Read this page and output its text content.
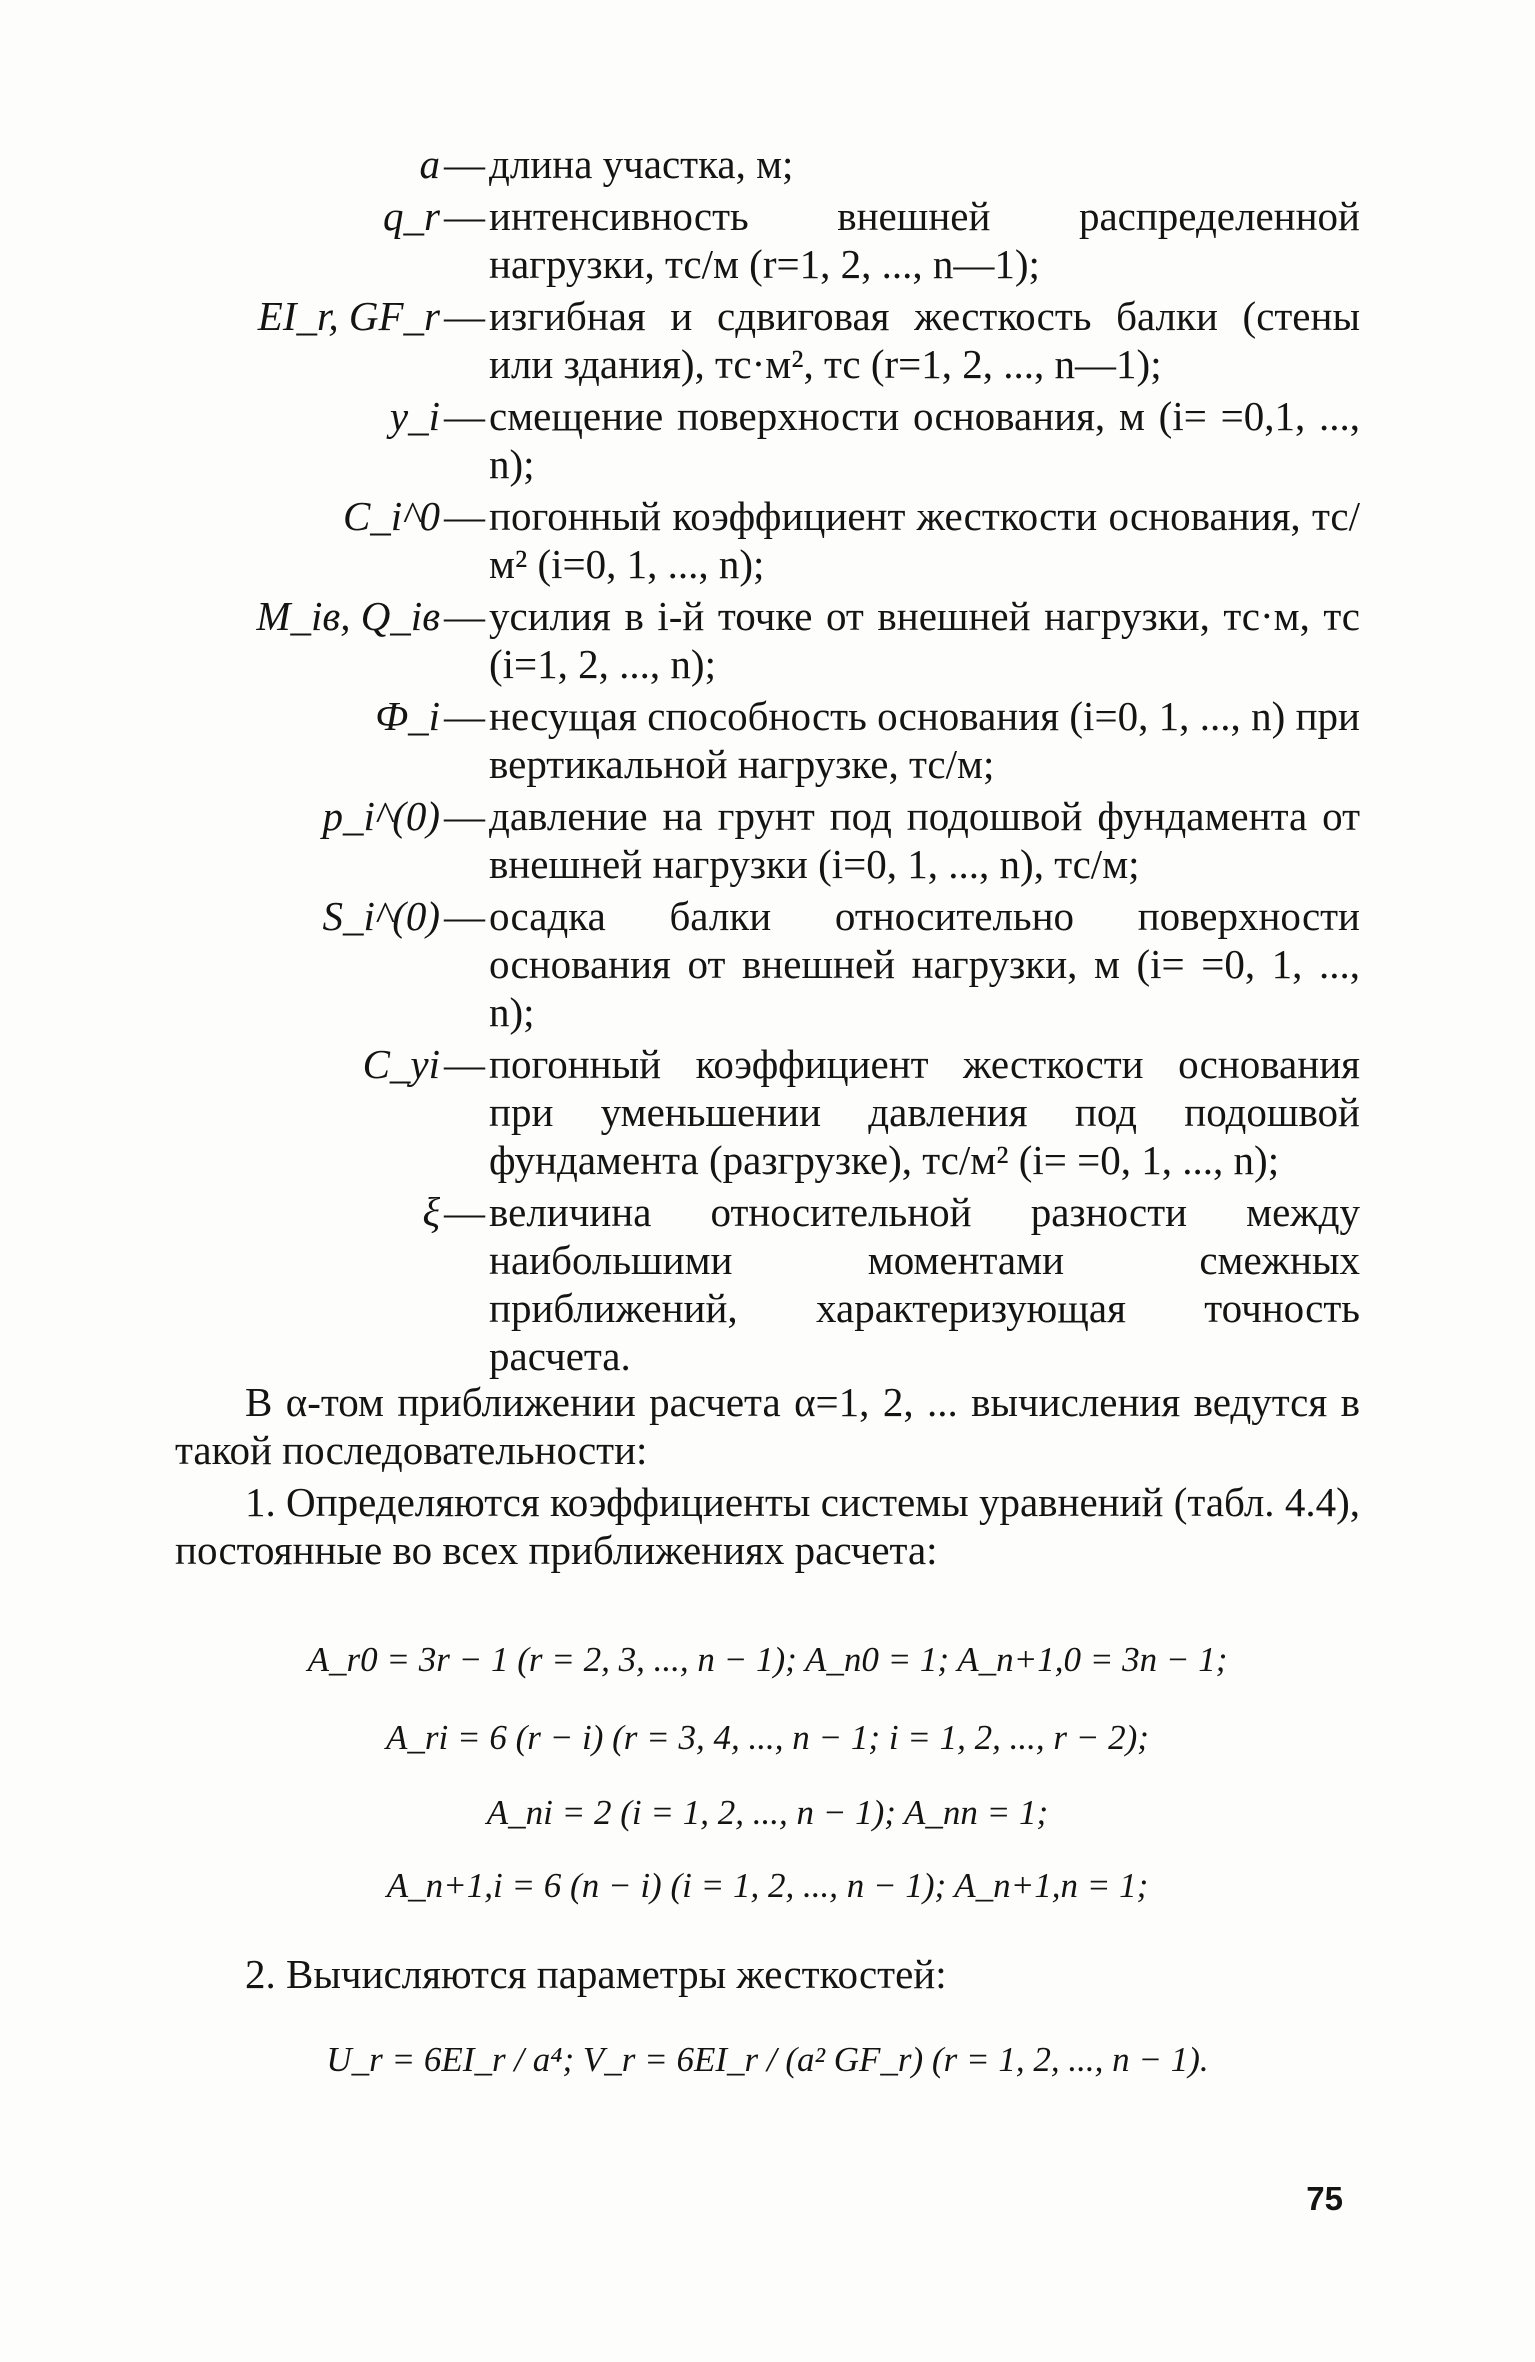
a — длина участка, м;
q_r — интенсивность внешней распределенной нагрузки, тс/м (r=1, 2, ..., n—1);
EI_r, GF_r — изгибная и сдвиговая жесткость балки (стены или здания), тс·м², тс (r=1, 2, ..., n—1);
y_i — смещение поверхности основания, м (i= =0,1, ..., n);
C_i^0 — погонный коэффициент жесткости основания, тс/м² (i=0, 1, ..., n);
M_iв, Q_iв — усилия в i-й точке от внешней нагрузки, тс·м, тс (i=1, 2, ..., n);
Ф_i — несущая способность основания (i=0, 1, ..., n) при вертикальной нагрузке, тс/м;
p_i^(0) — давление на грунт под подошвой фундамента от внешней нагрузки (i=0, 1, ..., n), тс/м;
S_i^(0) — осадка балки относительно поверхности основания от внешней нагрузки, м (i= =0, 1, ..., n);
C_yi — погонный коэффициент жесткости основания при уменьшении давления под подошвой фундамента (разгрузке), тс/м² (i= =0, 1, ..., n);
ξ — величина относительной разности между наибольшими моментами смежных приближений, характеризующая точность расчета.

В α-том приближении расчета α=1, 2, ... вычисления ведутся в такой последовательности:

1. Определяются коэффициенты системы уравнений (табл. 4.4), постоянные во всех приближениях расчета:

A_r0 = 3r − 1 (r = 2, 3, ..., n − 1); A_n0 = 1; A_n+1,0 = 3n − 1;
A_ri = 6 (r − i) (r = 3, 4, ..., n − 1; i = 1, 2, ..., r − 2);
A_ni = 2 (i = 1, 2, ..., n − 1); A_nn = 1;
A_n+1,i = 6 (n − i) (i = 1, 2, ..., n − 1); A_n+1,n = 1;

2. Вычисляются параметры жесткостей:

U_r = 6EI_r / a⁴; V_r = 6EI_r / (a² GF_r) (r = 1, 2, ..., n − 1).
75
